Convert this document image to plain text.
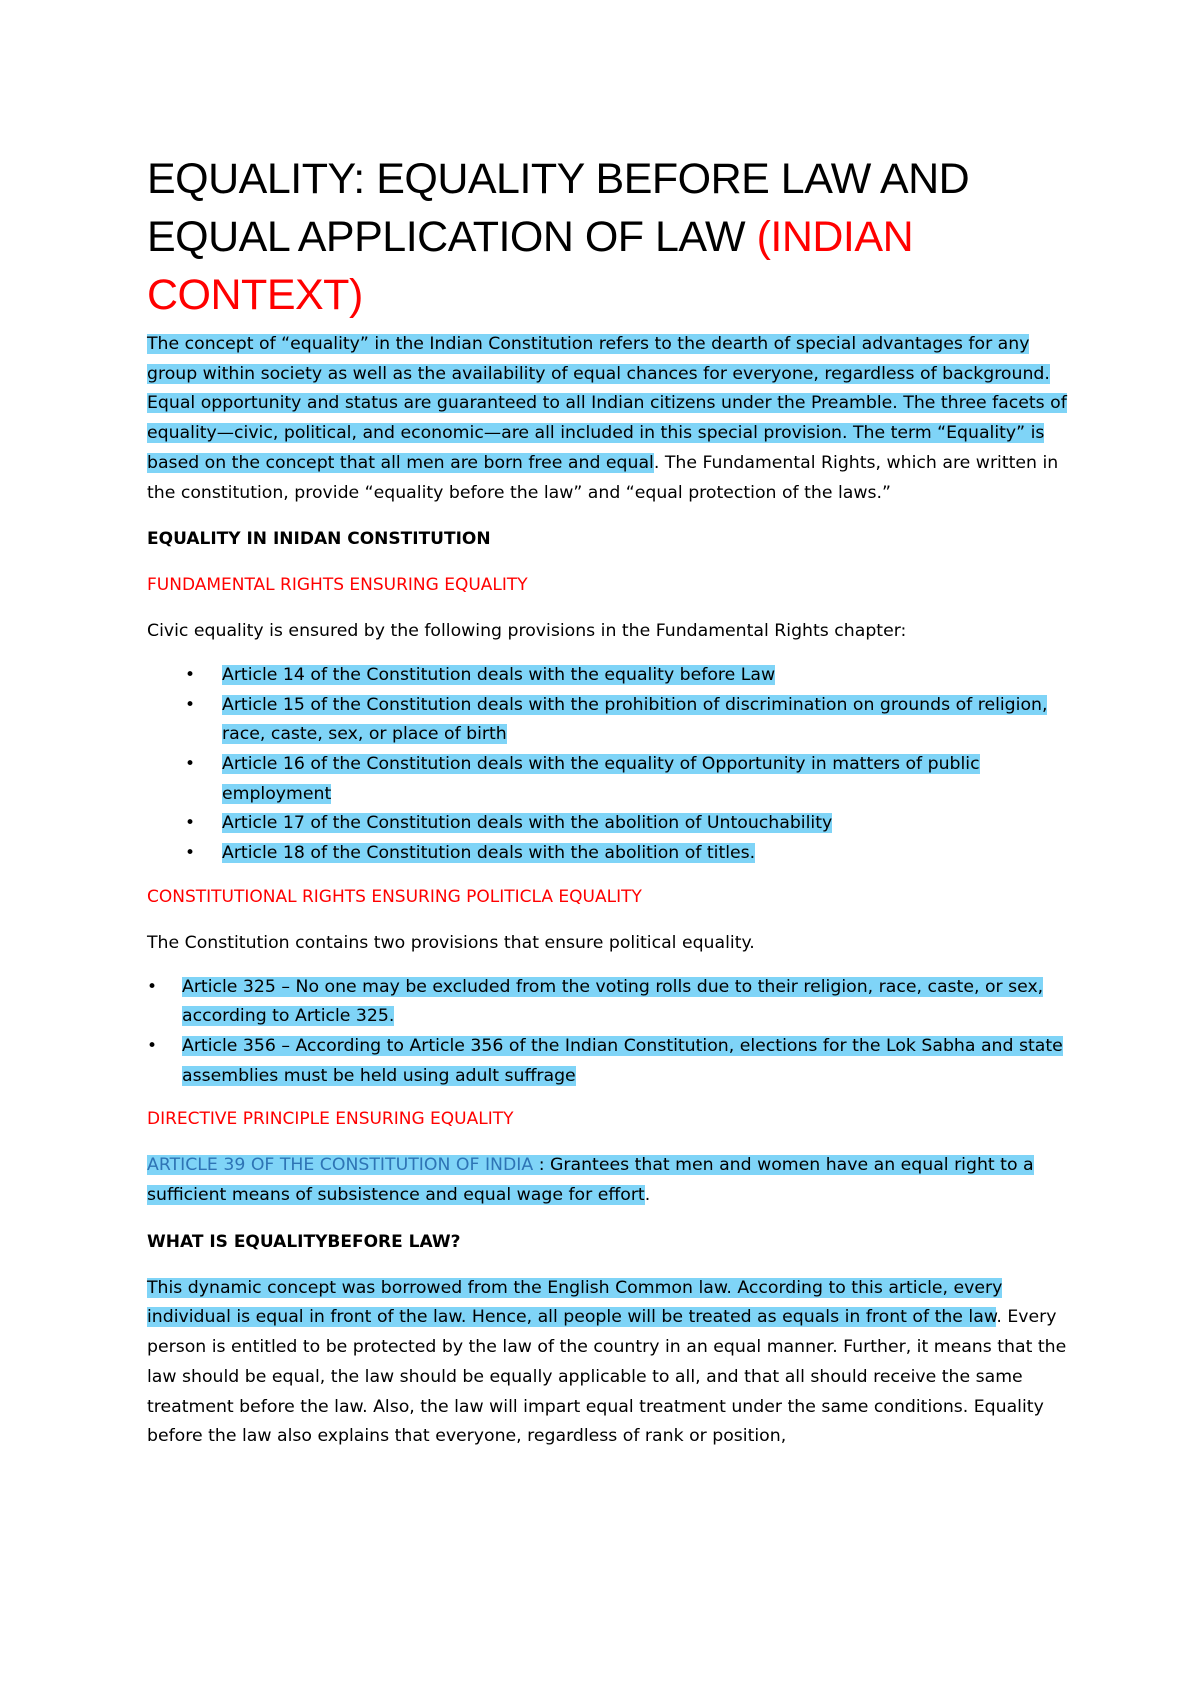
EQUALITY: EQUALITY BEFORE LAW AND EQUAL APPLICATION OF LAW (INDIAN CONTEXT)

The concept of “equality” in the Indian Constitution refers to the dearth of special advantages for any group within society as well as the availability of equal chances for everyone, regardless of background. Equal opportunity and status are guaranteed to all Indian citizens under the Preamble. The three facets of equality—civic, political, and economic—are all included in this special provision. The term “Equality” is based on the concept that all men are born free and equal. The Fundamental Rights, which are written in the constitution, provide “equality before the law” and “equal protection of the laws.”

EQUALITY IN INIDAN CONSTITUTION

FUNDAMENTAL RIGHTS ENSURING EQUALITY

Civic equality is ensured by the following provisions in the Fundamental Rights chapter:

• Article 14 of the Constitution deals with the equality before Law
• Article 15 of the Constitution deals with the prohibition of discrimination on grounds of religion, race, caste, sex, or place of birth
• Article 16 of the Constitution deals with the equality of Opportunity in matters of public employment
• Article 17 of the Constitution deals with the abolition of Untouchability
• Article 18 of the Constitution deals with the abolition of titles.

CONSTITUTIONAL RIGHTS ENSURING POLITICLA EQUALITY

The Constitution contains two provisions that ensure political equality.

• Article 325 – No one may be excluded from the voting rolls due to their religion, race, caste, or sex, according to Article 325.
• Article 356 – According to Article 356 of the Indian Constitution, elections for the Lok Sabha and state assemblies must be held using adult suffrage

DIRECTIVE PRINCIPLE ENSURING EQUALITY

ARTICLE 39 OF THE CONSTITUTION OF INDIA : Grantees that men and women have an equal right to a sufficient means of subsistence and equal wage for effort.

WHAT IS EQUALITYBEFORE LAW?

This dynamic concept was borrowed from the English Common law. According to this article, every individual is equal in front of the law. Hence, all people will be treated as equals in front of the law. Every person is entitled to be protected by the law of the country in an equal manner. Further, it means that the law should be equal, the law should be equally applicable to all, and that all should receive the same treatment before the law. Also, the law will impart equal treatment under the same conditions. Equality before the law also explains that everyone, regardless of rank or position,
